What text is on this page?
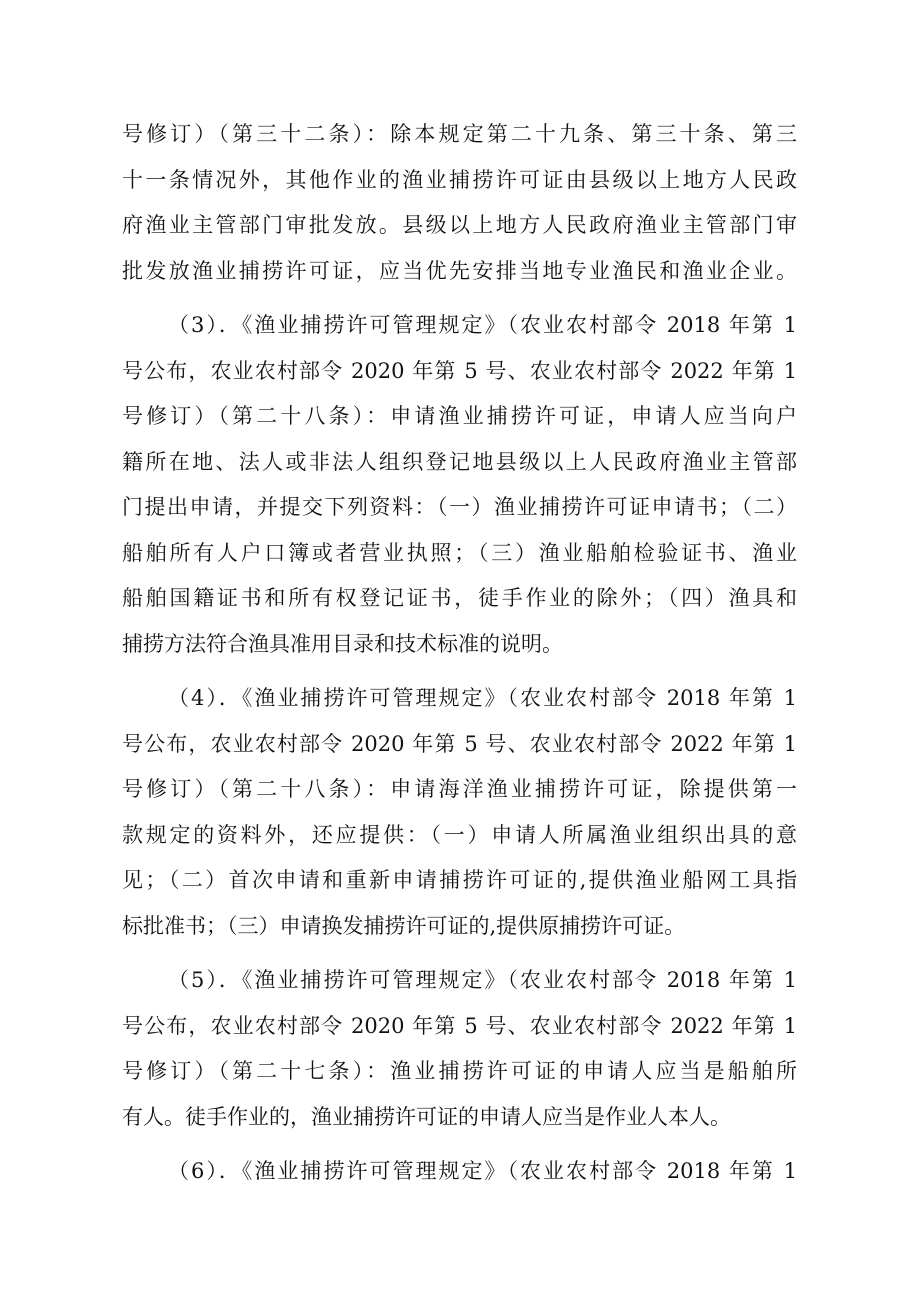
号修订）（第三十二条）：除本规定第二十九条、第三十条、第三
十一条情况外，其他作业的渔业捕捞许可证由县级以上地方人民政
府渔业主管部门审批发放。县级以上地方人民政府渔业主管部门审
批发放渔业捕捞许可证，应当优先安排当地专业渔民和渔业企业。
（3）．《渔业捕捞许可管理规定》（农业农村部令 2018 年第 1
号公布，农业农村部令 2020 年第 5 号、农业农村部令 2022 年第 1
号修订）（第二十八条）：申请渔业捕捞许可证，申请人应当向户
籍所在地、法人或非法人组织登记地县级以上人民政府渔业主管部
门提出申请，并提交下列资料：（一）渔业捕捞许可证申请书；（二）
船舶所有人户口簿或者营业执照；（三）渔业船舶检验证书、渔业
船舶国籍证书和所有权登记证书，徒手作业的除外；（四）渔具和
捕捞方法符合渔具准用目录和技术标准的说明。
（4）．《渔业捕捞许可管理规定》（农业农村部令 2018 年第 1
号公布，农业农村部令 2020 年第 5 号、农业农村部令 2022 年第 1
号修订）（第二十八条）：申请海洋渔业捕捞许可证，除提供第一
款规定的资料外，还应提供：（一）申请人所属渔业组织出具的意
见；（二）首次申请和重新申请捕捞许可证的,提供渔业船网工具指
标批准书；（三）申请换发捕捞许可证的,提供原捕捞许可证。
（5）．《渔业捕捞许可管理规定》（农业农村部令 2018 年第 1
号公布，农业农村部令 2020 年第 5 号、农业农村部令 2022 年第 1
号修订）（第二十七条）：渔业捕捞许可证的申请人应当是船舶所
有人。徒手作业的，渔业捕捞许可证的申请人应当是作业人本人。
（6）．《渔业捕捞许可管理规定》（农业农村部令 2018 年第 1
